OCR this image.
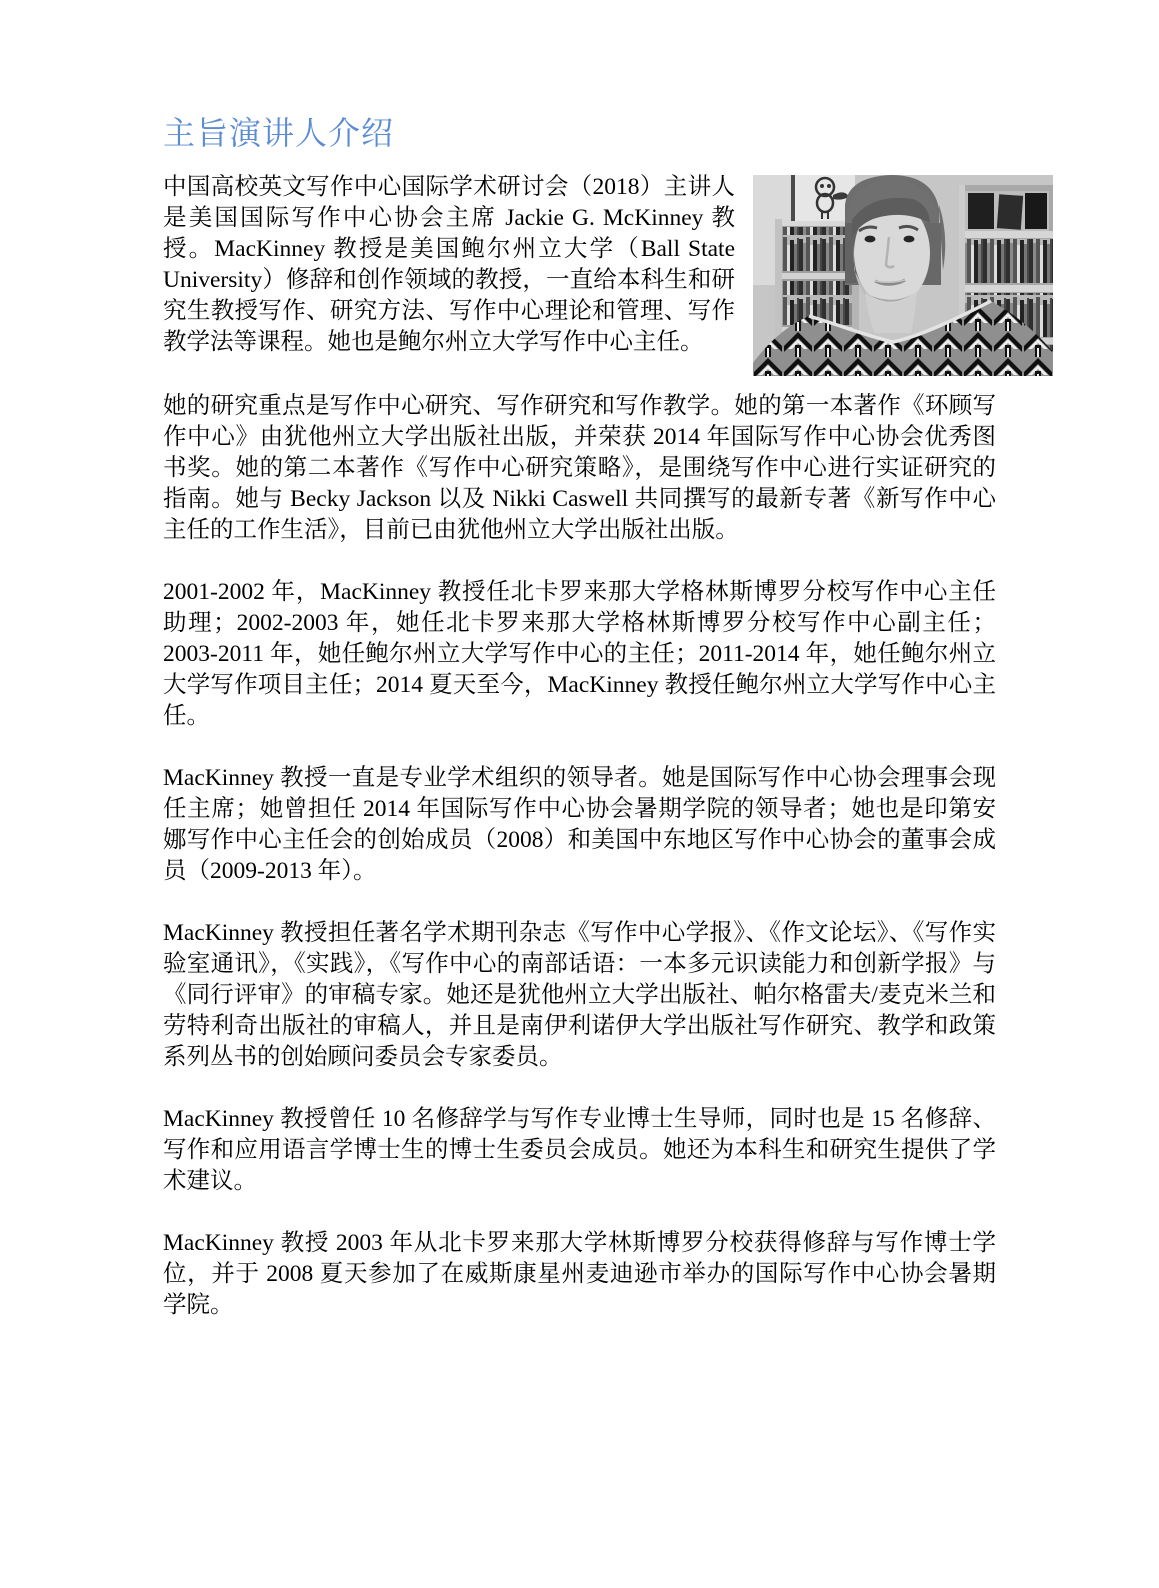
主旨演讲人介绍

中国高校英文写作中心国际学术研讨会（2018）主讲人是美国国际写作中心协会主席 Jackie G. McKinney 教授。MacKinney 教授是美国鲍尔州立大学（Ball State University）修辞和创作领域的教授，一直给本科生和研究生教授写作、研究方法、写作中心理论和管理、写作教学法等课程。她也是鲍尔州立大学写作中心主任。

她的研究重点是写作中心研究、写作研究和写作教学。她的第一本著作《环顾写作中心》由犹他州立大学出版社出版，并荣获 2014 年国际写作中心协会优秀图书奖。她的第二本著作《写作中心研究策略》，是围绕写作中心进行实证研究的指南。她与 Becky Jackson 以及 Nikki Caswell 共同撰写的最新专著《新写作中心主任的工作生活》，目前已由犹他州立大学出版社出版。

2001-2002 年，MacKinney 教授任北卡罗来那大学格林斯博罗分校写作中心主任助理；2002-2003 年，她任北卡罗来那大学格林斯博罗分校写作中心副主任；2003-2011 年，她任鲍尔州立大学写作中心的主任；2011-2014 年，她任鲍尔州立大学写作项目主任；2014 夏天至今，MacKinney 教授任鲍尔州立大学写作中心主任。

MacKinney 教授一直是专业学术组织的领导者。她是国际写作中心协会理事会现任主席；她曾担任 2014 年国际写作中心协会暑期学院的领导者；她也是印第安娜写作中心主任会的创始成员（2008）和美国中东地区写作中心协会的董事会成员（2009-2013 年）。

MacKinney 教授担任著名学术期刊杂志《写作中心学报》、《作文论坛》、《写作实验室通讯》，《实践》，《写作中心的南部话语：一本多元识读能力和创新学报》与《同行评审》的审稿专家。她还是犹他州立大学出版社、帕尔格雷夫/麦克米兰和劳特利奇出版社的审稿人，并且是南伊利诺伊大学出版社写作研究、教学和政策系列丛书的创始顾问委员会专家委员。

MacKinney 教授曾任 10 名修辞学与写作专业博士生导师，同时也是 15 名修辞、写作和应用语言学博士生的博士生委员会成员。她还为本科生和研究生提供了学术建议。

MacKinney 教授 2003 年从北卡罗来那大学林斯博罗分校获得修辞与写作博士学位，并于 2008 夏天参加了在威斯康星州麦迪逊市举办的国际写作中心协会暑期学院。
